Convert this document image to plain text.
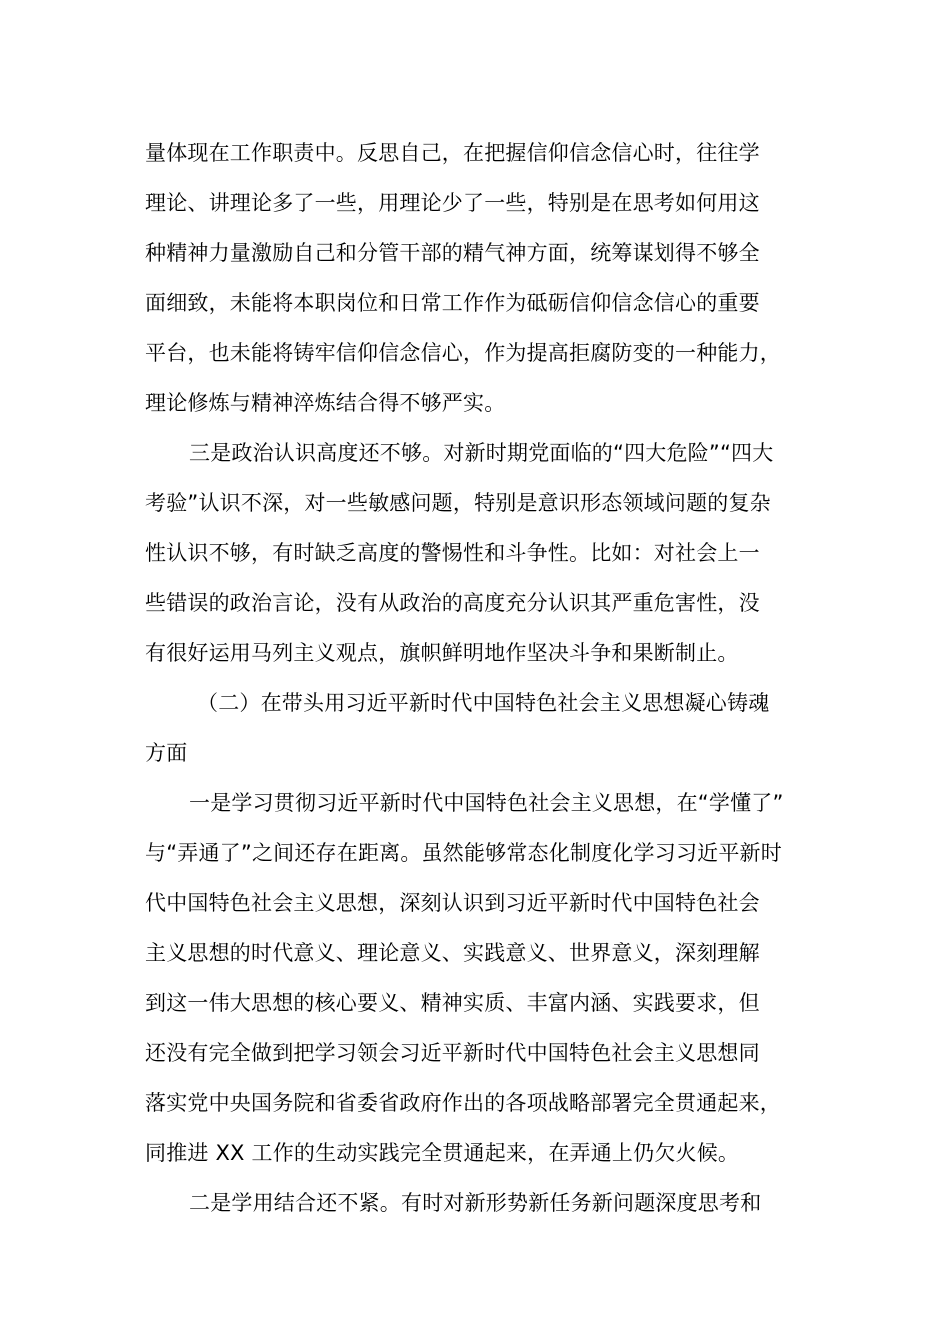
量体现在工作职责中。反思自己，在把握信仰信念信心时，往往学
理论、讲理论多了一些，用理论少了一些，特别是在思考如何用这
种精神力量激励自己和分管干部的精气神方面，统筹谋划得不够全
面细致，未能将本职岗位和日常工作作为砥砺信仰信念信心的重要
平台，也未能将铸牢信仰信念信心，作为提高拒腐防变的一种能力，
理论修炼与精神淬炼结合得不够严实。
三是政治认识高度还不够。对新时期党面临的“四大危险”“四大
考验”认识不深，对一些敏感问题，特别是意识形态领域问题的复杂
性认识不够，有时缺乏高度的警惕性和斗争性。比如：对社会上一
些错误的政治言论，没有从政治的高度充分认识其严重危害性，没
有很好运用马列主义观点，旗帜鲜明地作坚决斗争和果断制止。
（二）在带头用习近平新时代中国特色社会主义思想凝心铸魂
方面
一是学习贯彻习近平新时代中国特色社会主义思想，在“学懂了”
与“弄通了”之间还存在距离。虽然能够常态化制度化学习习近平新时
代中国特色社会主义思想，深刻认识到习近平新时代中国特色社会
主义思想的时代意义、理论意义、实践意义、世界意义，深刻理解
到这一伟大思想的核心要义、精神实质、丰富内涵、实践要求，但
还没有完全做到把学习领会习近平新时代中国特色社会主义思想同
落实党中央国务院和省委省政府作出的各项战略部署完全贯通起来，
同推进 XX 工作的生动实践完全贯通起来，在弄通上仍欠火候。
二是学用结合还不紧。有时对新形势新任务新问题深度思考和
